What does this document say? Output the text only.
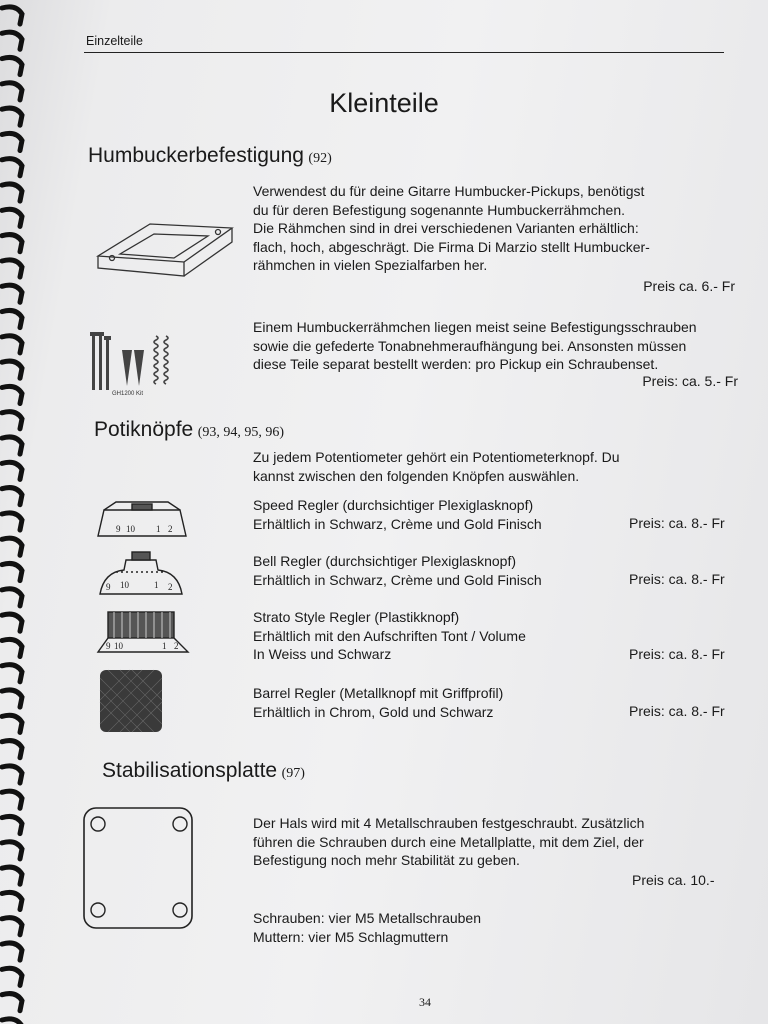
Einzelteile
Kleinteile
Humbuckerbefestigung (92)
Verwendest du für deine Gitarre Humbucker-Pickups, benötigst
du für deren Befestigung sogenannte Humbuckerrähmchen.
Die Rähmchen sind in drei verschiedenen Varianten erhältlich:
flach, hoch, abgeschrägt. Die Firma Di Marzio stellt Humbucker-
rähmchen in vielen Spezialfarben her.
Preis ca. 6.- Fr
GH1200 Kit
Einem Humbuckerrähmchen liegen meist seine Befestigungsschrauben
sowie die gefederte Tonabnehmeraufhängung bei. Ansonsten müssen
diese Teile separat bestellt werden: pro Pickup ein Schraubenset.
Preis: ca. 5.- Fr
Potiknöpfe (93, 94, 95, 96)
Zu jedem Potentiometer gehört ein Potentiometerknopf. Du
kannst zwischen den folgenden Knöpfen auswählen.
9 10 1 2
9 10	1 2
9 10	1 2
Speed Regler (durchsichtiger Plexiglasknopf)
Erhältlich in Schwarz, Crème und Gold Finisch	Preis: ca. 8.- Fr
Bell Regler (durchsichtiger Plexiglasknopf)
Erhältlich in Schwarz, Crème und Gold Finisch	Preis: ca. 8.- Fr
Strato Style Regler (Plastikknopf)
Erhältlich mit den Aufschriften Tont / Volume
In Weiss und Schwarz	Preis: ca. 8.- Fr
Barrel Regler (Metallknopf mit Griffprofil)
Erhältlich in Chrom, Gold und Schwarz	Preis: ca. 8.- Fr
Stabilisationsplatte (97)
Der Hals wird mit 4 Metallschrauben festgeschraubt. Zusätzlich
führen die Schrauben durch eine Metallplatte, mit dem Ziel, der
Befestigung noch mehr Stabilität zu geben.
Preis ca. 10.-
Schrauben: vier M5 Metallschrauben
Muttern: vier M5 Schlagmuttern
34
